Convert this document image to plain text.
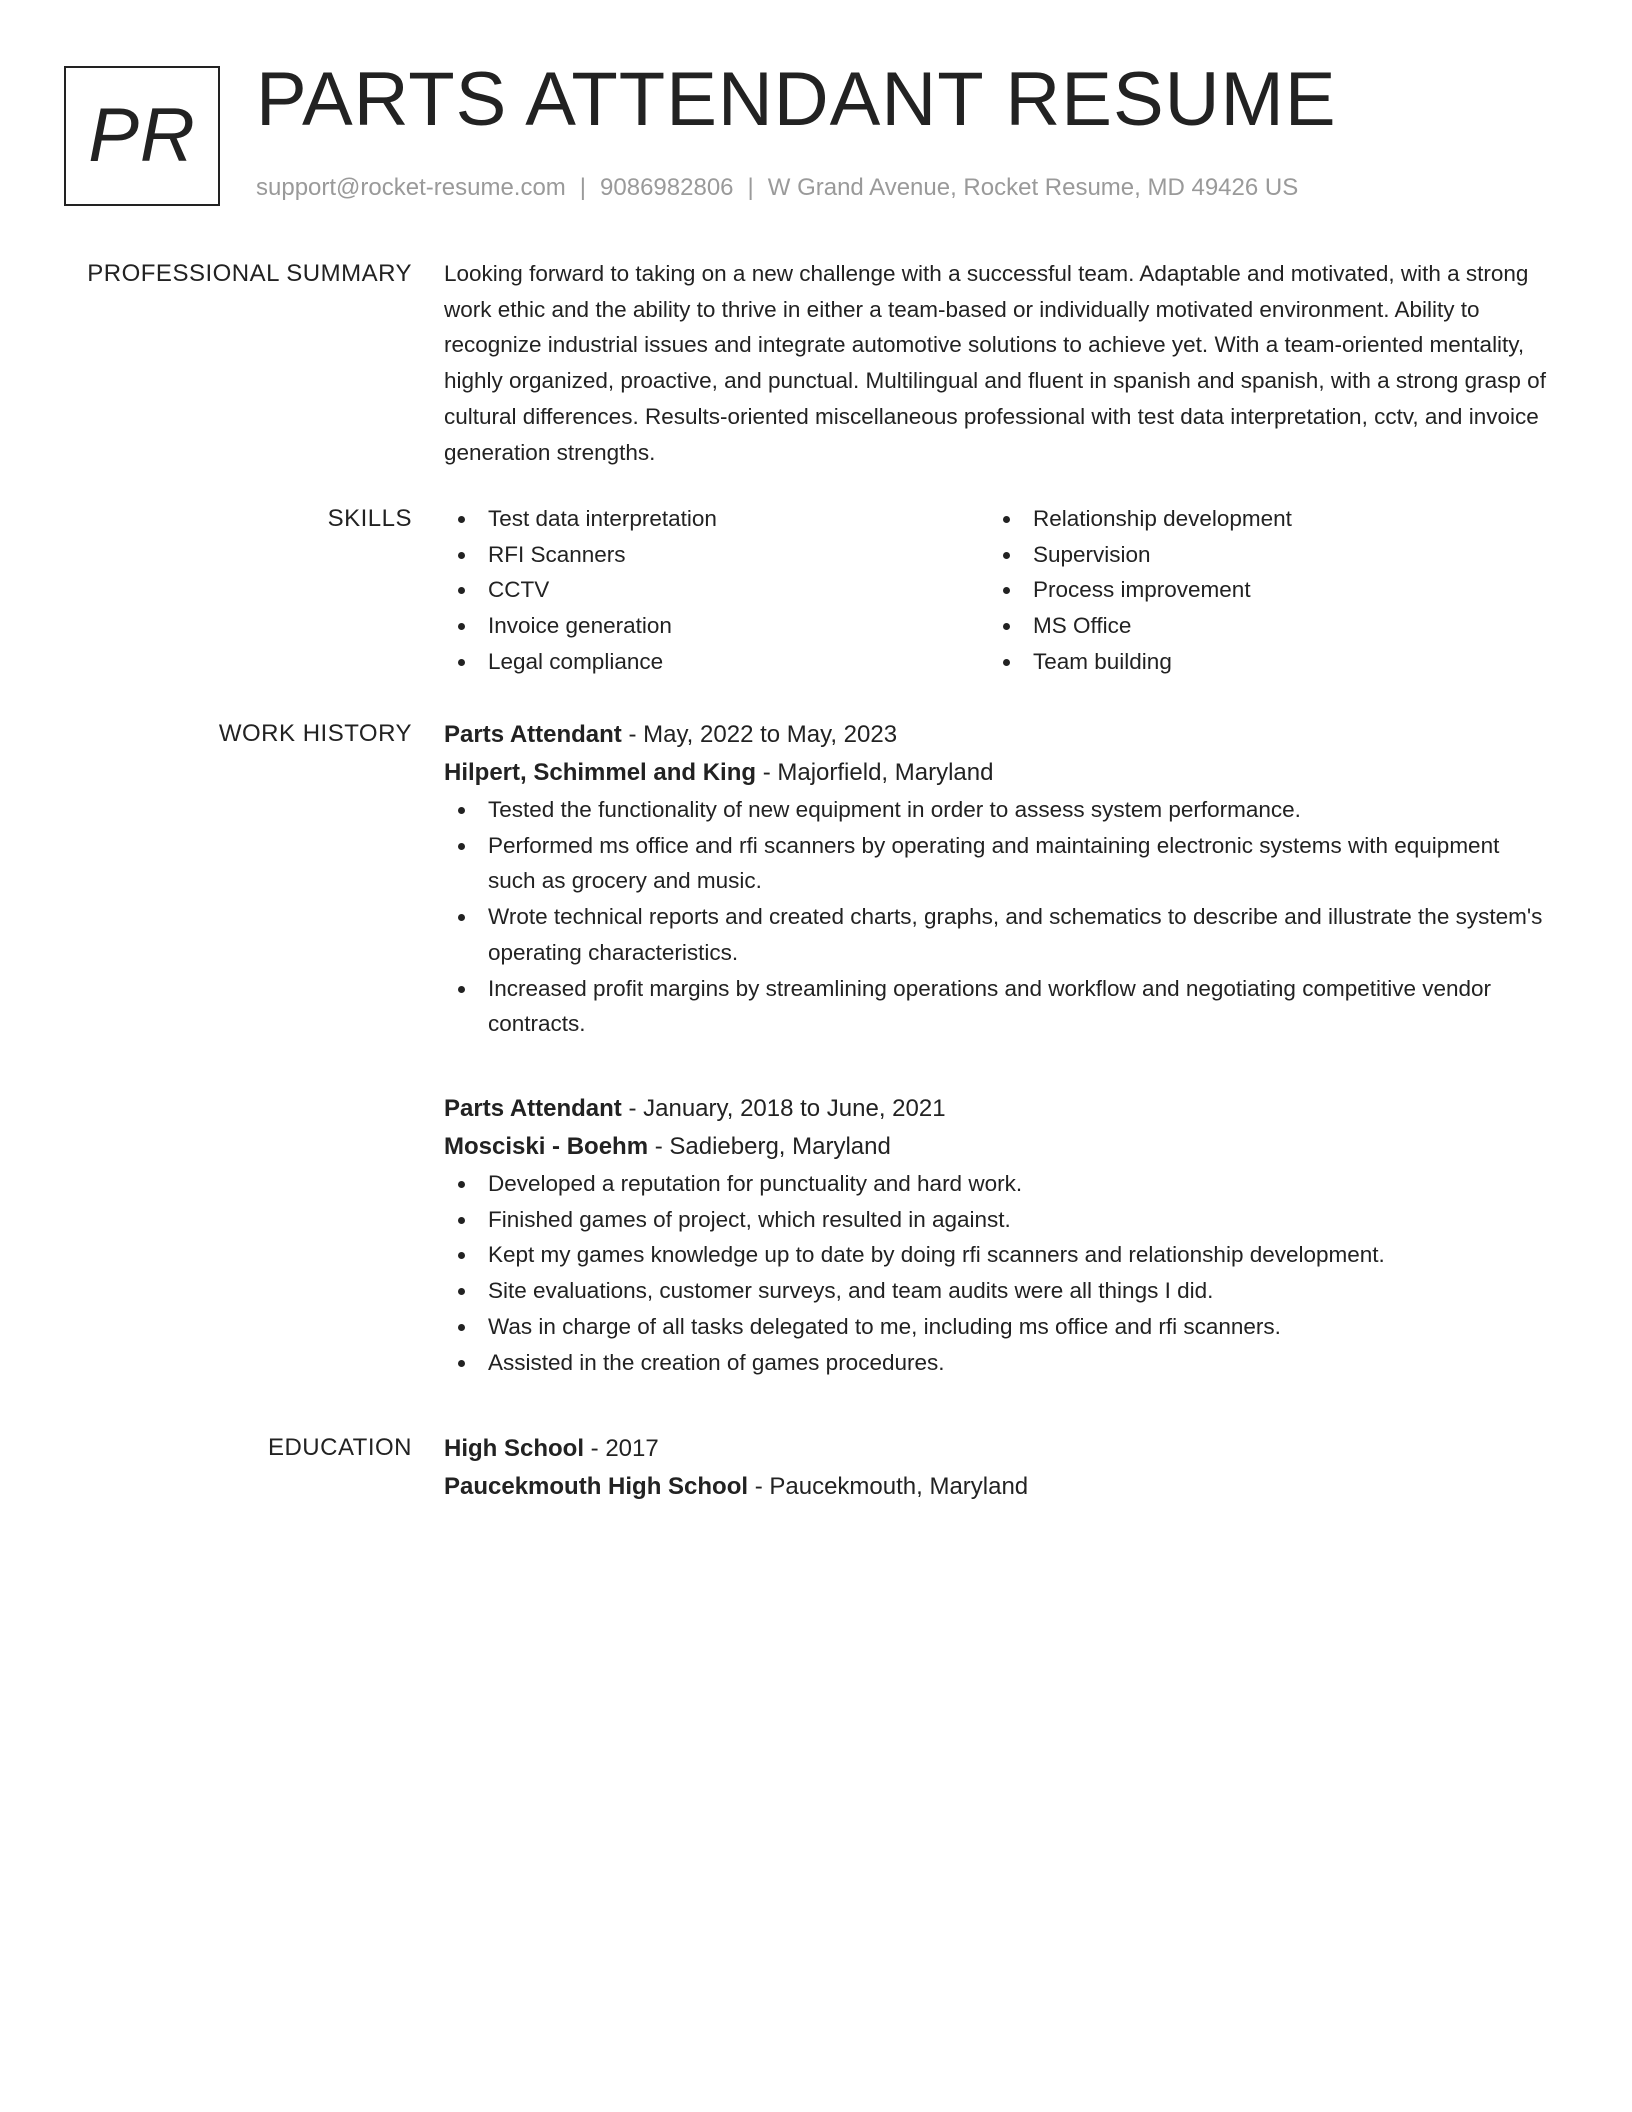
PR PARTS ATTENDANT RESUME
support@rocket-resume.com | 9086982806 | W Grand Avenue, Rocket Resume, MD 49426 US
PROFESSIONAL SUMMARY Looking forward to taking on a new challenge with a successful team. Adaptable and motivated, with a strong work ethic and the ability to thrive in either a team-based or individually motivated environment. Ability to recognize industrial issues and integrate automotive solutions to achieve yet. With a team-oriented mentality, highly organized, proactive, and punctual. Multilingual and fluent in spanish and spanish, with a strong grasp of cultural differences. Results-oriented miscellaneous professional with test data interpretation, cctv, and invoice generation strengths.

SKILLS	Test data interpretation
RFI Scanners
CCTV
Invoice generation
Legal compliance
Relationship development
Supervision
Process improvement
MS Office
Team building
WORK HISTORY Parts Attendant - May, 2022 to May, 2023
Hilpert, Schimmel and King - Majorfield, Maryland
Tested the functionality of new equipment in order to assess system performance.
Performed ms office and rfi scanners by operating and maintaining electronic systems with equipment such as grocery and music.
Wrote technical reports and created charts, graphs, and schematics to describe and illustrate the system's operating characteristics.
Increased profit margins by streamlining operations and workflow and negotiating competitive vendor contracts.
Parts Attendant - January, 2018 to June, 2021
Mosciski - Boehm - Sadieberg, Maryland
Developed a reputation for punctuality and hard work.
Finished games of project, which resulted in against.
Kept my games knowledge up to date by doing rfi scanners and relationship development.
Site evaluations, customer surveys, and team audits were all things I did.
Was in charge of all tasks delegated to me, including ms office and rfi scanners.
Assisted in the creation of games procedures.
EDUCATION High School - 2017
Paucekmouth High School - Paucekmouth, Maryland
